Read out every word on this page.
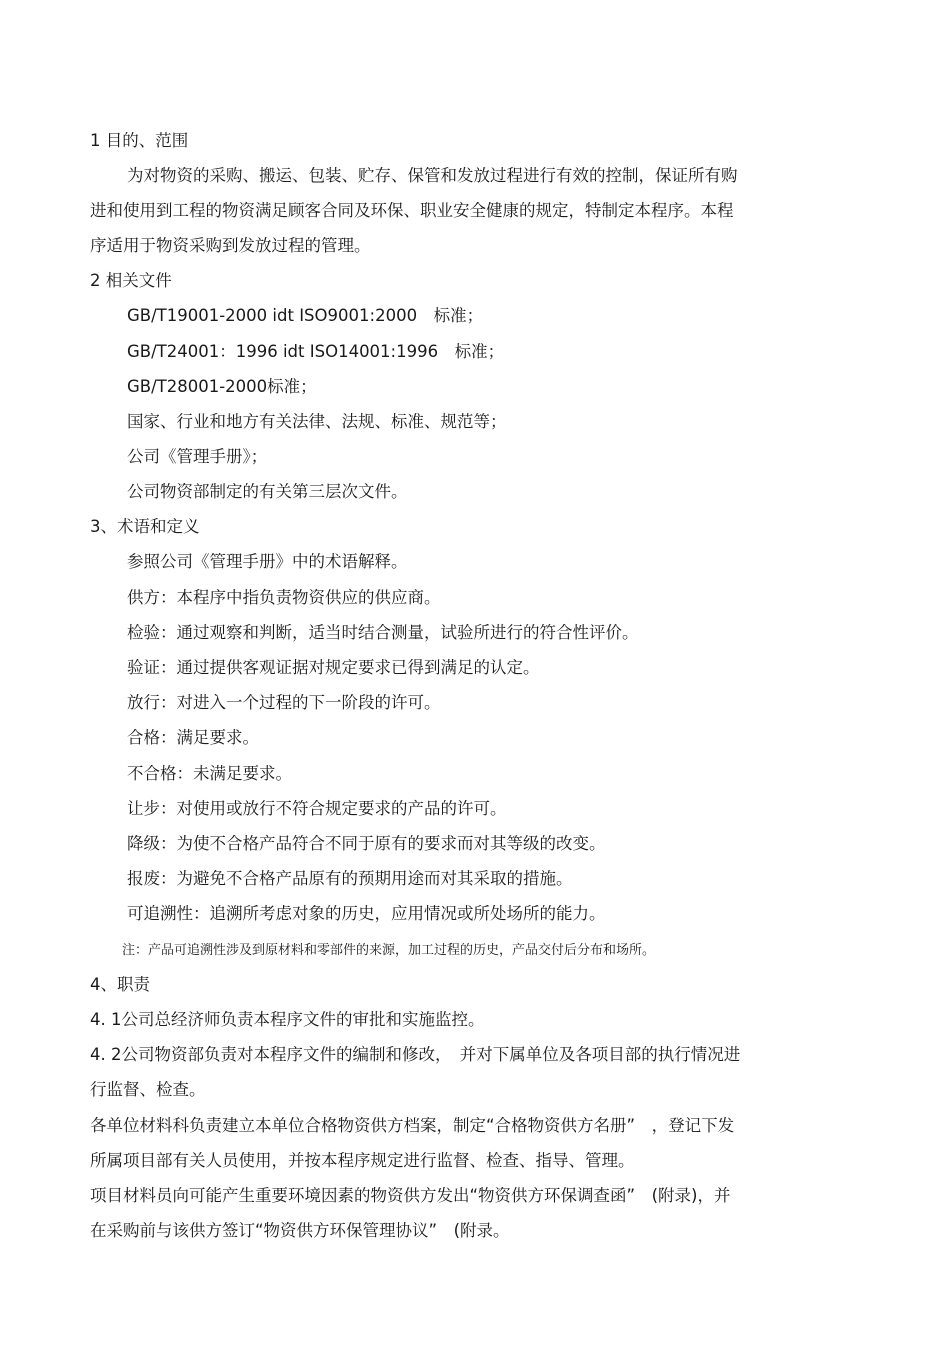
1 目的、范围
为对物资的采购、搬运、包装、贮存、保管和发放过程进行有效的控制，保证所有购
进和使用到工程的物资满足顾客合同及环保、职业安全健康的规定，特制定本程序。本程
序适用于物资采购到发放过程的管理。
2 相关文件
GB/T19001-2000 idt ISO9001:2000　标准；
GB/T24001：1996 idt ISO14001:1996　标准；
GB/T28001-2000标准；
国家、行业和地方有关法律、法规、标准、规范等；
公司《管理手册》；
公司物资部制定的有关第三层次文件。
3、术语和定义
参照公司《管理手册》中的术语解释。
供方：本程序中指负责物资供应的供应商。
检验：通过观察和判断，适当时结合测量，试验所进行的符合性评价。
验证：通过提供客观证据对规定要求已得到满足的认定。
放行：对进入一个过程的下一阶段的许可。
合格：满足要求。
不合格：未满足要求。
让步：对使用或放行不符合规定要求的产品的许可。
降级：为使不合格产品符合不同于原有的要求而对其等级的改变。
报废：为避免不合格产品原有的预期用途而对其采取的措施。
可追溯性：追溯所考虑对象的历史，应用情况或所处场所的能力。
注：产品可追溯性涉及到原材料和零部件的来源，加工过程的历史，产品交付后分布和场所。
4、职责
4. 1公司总经济师负责本程序文件的审批和实施监控。
4. 2公司物资部负责对本程序文件的编制和修改，　并对下属单位及各项目部的执行情况进
行监督、检查。
各单位材料科负责建立本单位合格物资供方档案，制定“合格物资供方名册”　，登记下发
所属项目部有关人员使用，并按本程序规定进行监督、检查、指导、管理。
项目材料员向可能产生重要环境因素的物资供方发出“物资供方环保调查函”　(附录)，并
在采购前与该供方签订“物资供方环保管理协议”　(附录。
